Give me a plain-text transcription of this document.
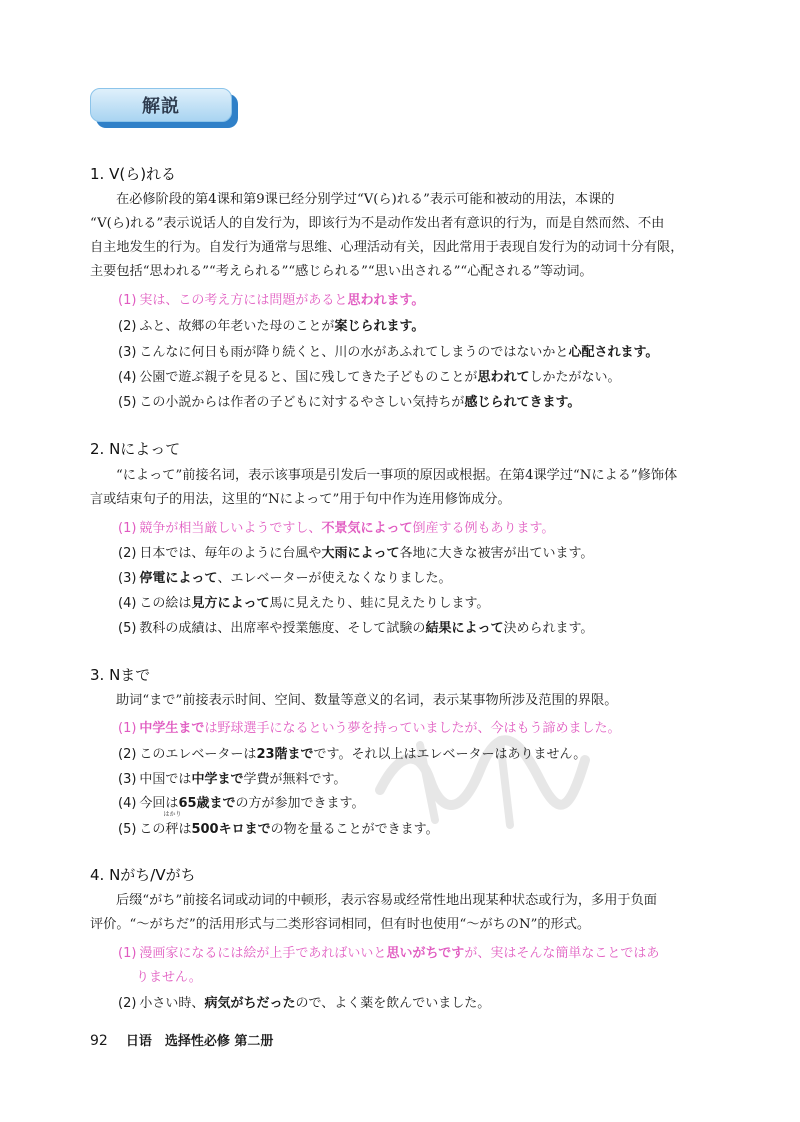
解説
1. V(ら)れる
在必修阶段的第4课和第9课已经分别学过“V(ら)れる”表示可能和被动的用法，本课的
“V(ら)れる”表示说话人的自发行为，即该行为不是动作发出者有意识的行为，而是自然而然、不由
自主地发生的行为。自发行为通常与思维、心理活动有关，因此常用于表现自发行为的动词十分有限，
主要包括“思われる”“考えられる”“感じられる”“思い出される”“心配される”等动词。
(1) 実は、この考え方には問題があると思われます。
(2) ふと、故郷の年老いた母のことが案じられます。
(3) こんなに何日も雨が降り続くと、川の水があふれてしまうのではないかと心配されます。
(4) 公園で遊ぶ親子を見ると、国に残してきた子どものことが思われてしかたがない。
(5) この小説からは作者の子どもに対するやさしい気持ちが感じられてきます。
2. Nによって
“によって”前接名词，表示该事项是引发后一事项的原因或根据。在第4课学过“Nによる”修饰体
言或结束句子的用法，这里的“Nによって”用于句中作为连用修饰成分。
(1) 競争が相当厳しいようですし、不景気によって倒産する例もあります。
(2) 日本では、毎年のように台風や大雨によって各地に大きな被害が出ています。
(3) 停電によって、エレベーターが使えなくなりました。
(4) この絵は見方によって馬に見えたり、蛙に見えたりします。
(5) 教科の成績は、出席率や授業態度、そして試験の結果によって決められます。
3. Nまで
助词“まで”前接表示时间、空间、数量等意义的名词，表示某事物所涉及范围的界限。
(1) 中学生までは野球選手になるという夢を持っていましたが、今はもう諦めました。
(2) このエレベーターは23階までです。それ以上はエレベーターはありません。
(3) 中国では中学まで学費が無料です。
(4) 今回は65歳までの方が参加できます。
(5) この
はかり
秤は500キロまでの物を量ることができます。
4. Nがち/Vがち
后缀“がち”前接名词或动词的中顿形，表示容易或经常性地出现某种状态或行为，多用于负面
评价。“～がちだ”的活用形式与二类形容词相同，但有时也使用“～がちのN”的形式。
(1) 漫画家になるには絵が上手であればいいと思いがちですが、実はそんな簡単なことではあ
りません。
(2) 小さい時、病気がちだったので、よく薬を飲んでいました。
92 日语　选择性必修 第二册
